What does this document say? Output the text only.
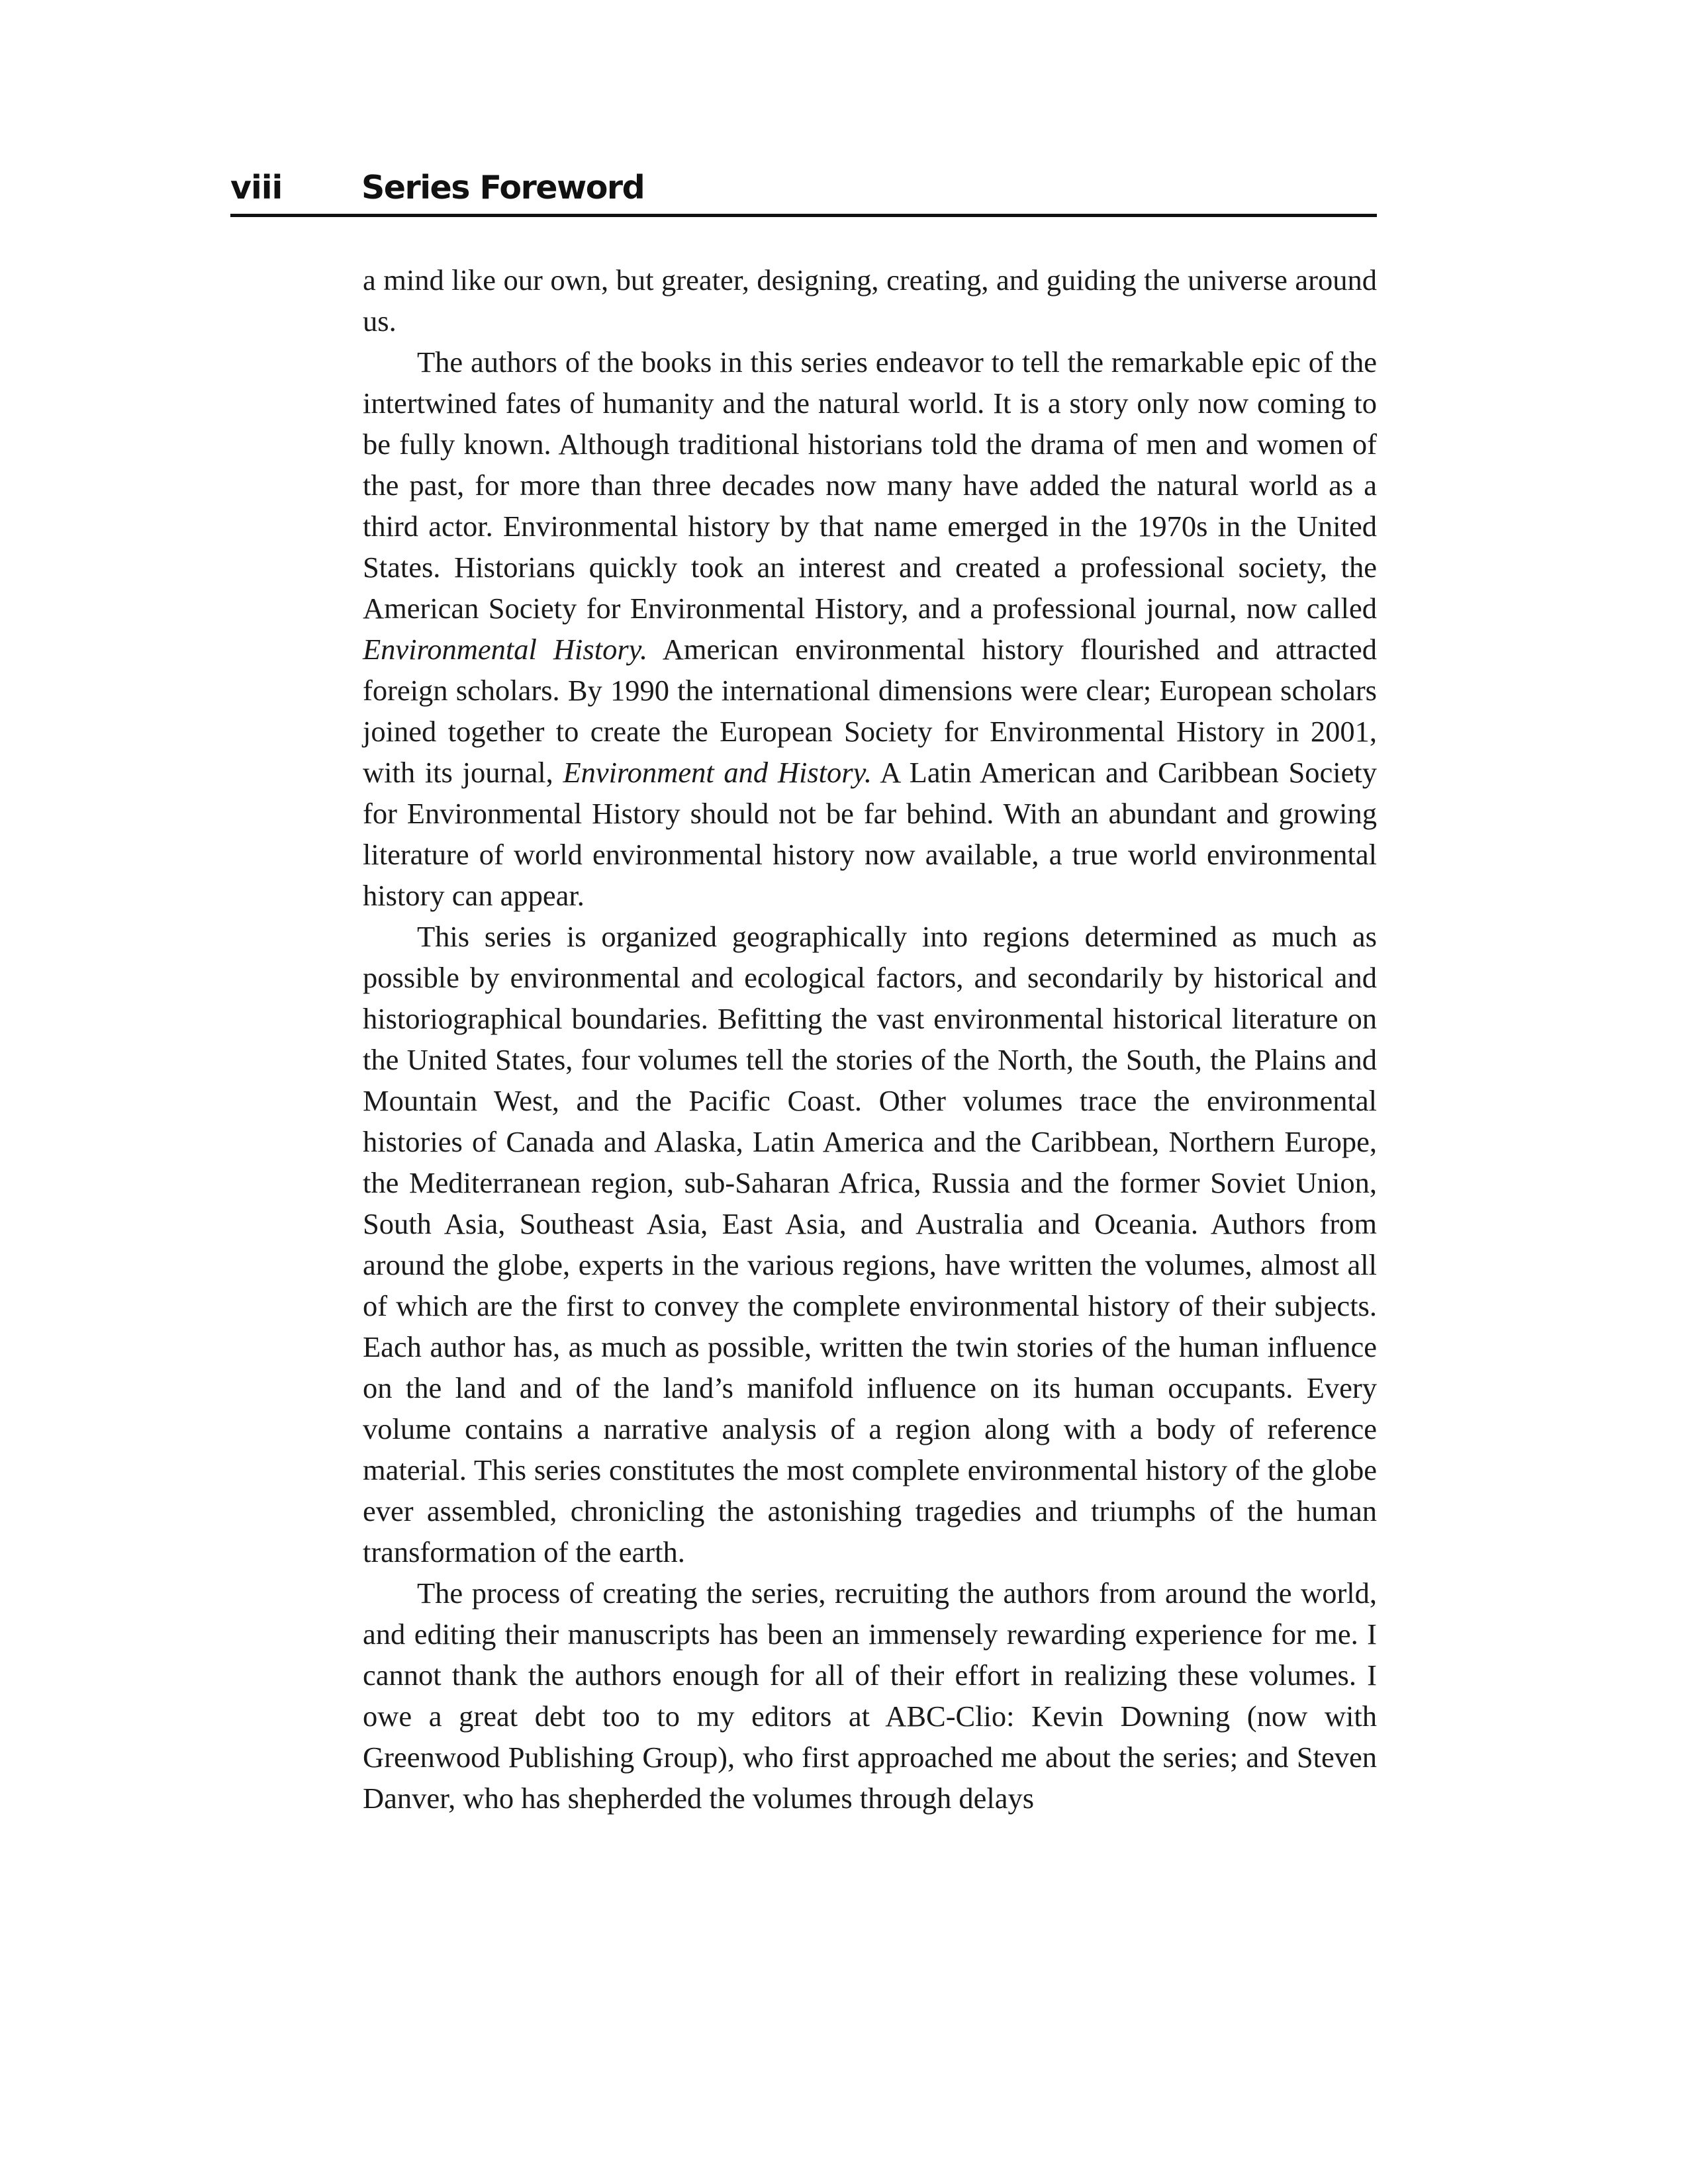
viii Series Foreword

a mind like our own, but greater, designing, creating, and guiding the universe around us.

The authors of the books in this series endeavor to tell the remarkable epic of the intertwined fates of humanity and the natural world. It is a story only now coming to be fully known. Although traditional historians told the drama of men and women of the past, for more than three decades now many have added the natural world as a third actor. Environmental history by that name emerged in the 1970s in the United States. Historians quickly took an interest and created a professional society, the American Society for Environmental History, and a professional journal, now called Environmental History. American environmental history flourished and attracted foreign scholars. By 1990 the international dimensions were clear; European scholars joined together to create the European Society for Environmental History in 2001, with its journal, Environment and History. A Latin American and Caribbean Society for Environmental History should not be far behind. With an abundant and growing literature of world environmental history now available, a true world environmental history can appear.

This series is organized geographically into regions determined as much as possible by environmental and ecological factors, and secondarily by historical and historiographical boundaries. Befitting the vast environmental historical literature on the United States, four volumes tell the stories of the North, the South, the Plains and Mountain West, and the Pacific Coast. Other volumes trace the environmental histories of Canada and Alaska, Latin America and the Caribbean, Northern Europe, the Mediterranean region, sub-Saharan Africa, Russia and the former Soviet Union, South Asia, Southeast Asia, East Asia, and Australia and Oceania. Authors from around the globe, experts in the various regions, have written the volumes, almost all of which are the first to convey the complete environmental history of their subjects. Each author has, as much as possible, written the twin stories of the human influence on the land and of the land’s manifold influence on its human occupants. Every volume contains a narrative analysis of a region along with a body of reference material. This series constitutes the most complete environmental history of the globe ever assembled, chronicling the astonishing tragedies and triumphs of the human transformation of the earth.

The process of creating the series, recruiting the authors from around the world, and editing their manuscripts has been an immensely rewarding experience for me. I cannot thank the authors enough for all of their effort in realizing these volumes. I owe a great debt too to my editors at ABC-Clio: Kevin Downing (now with Greenwood Publishing Group), who first approached me about the series; and Steven Danver, who has shepherded the volumes through delays
